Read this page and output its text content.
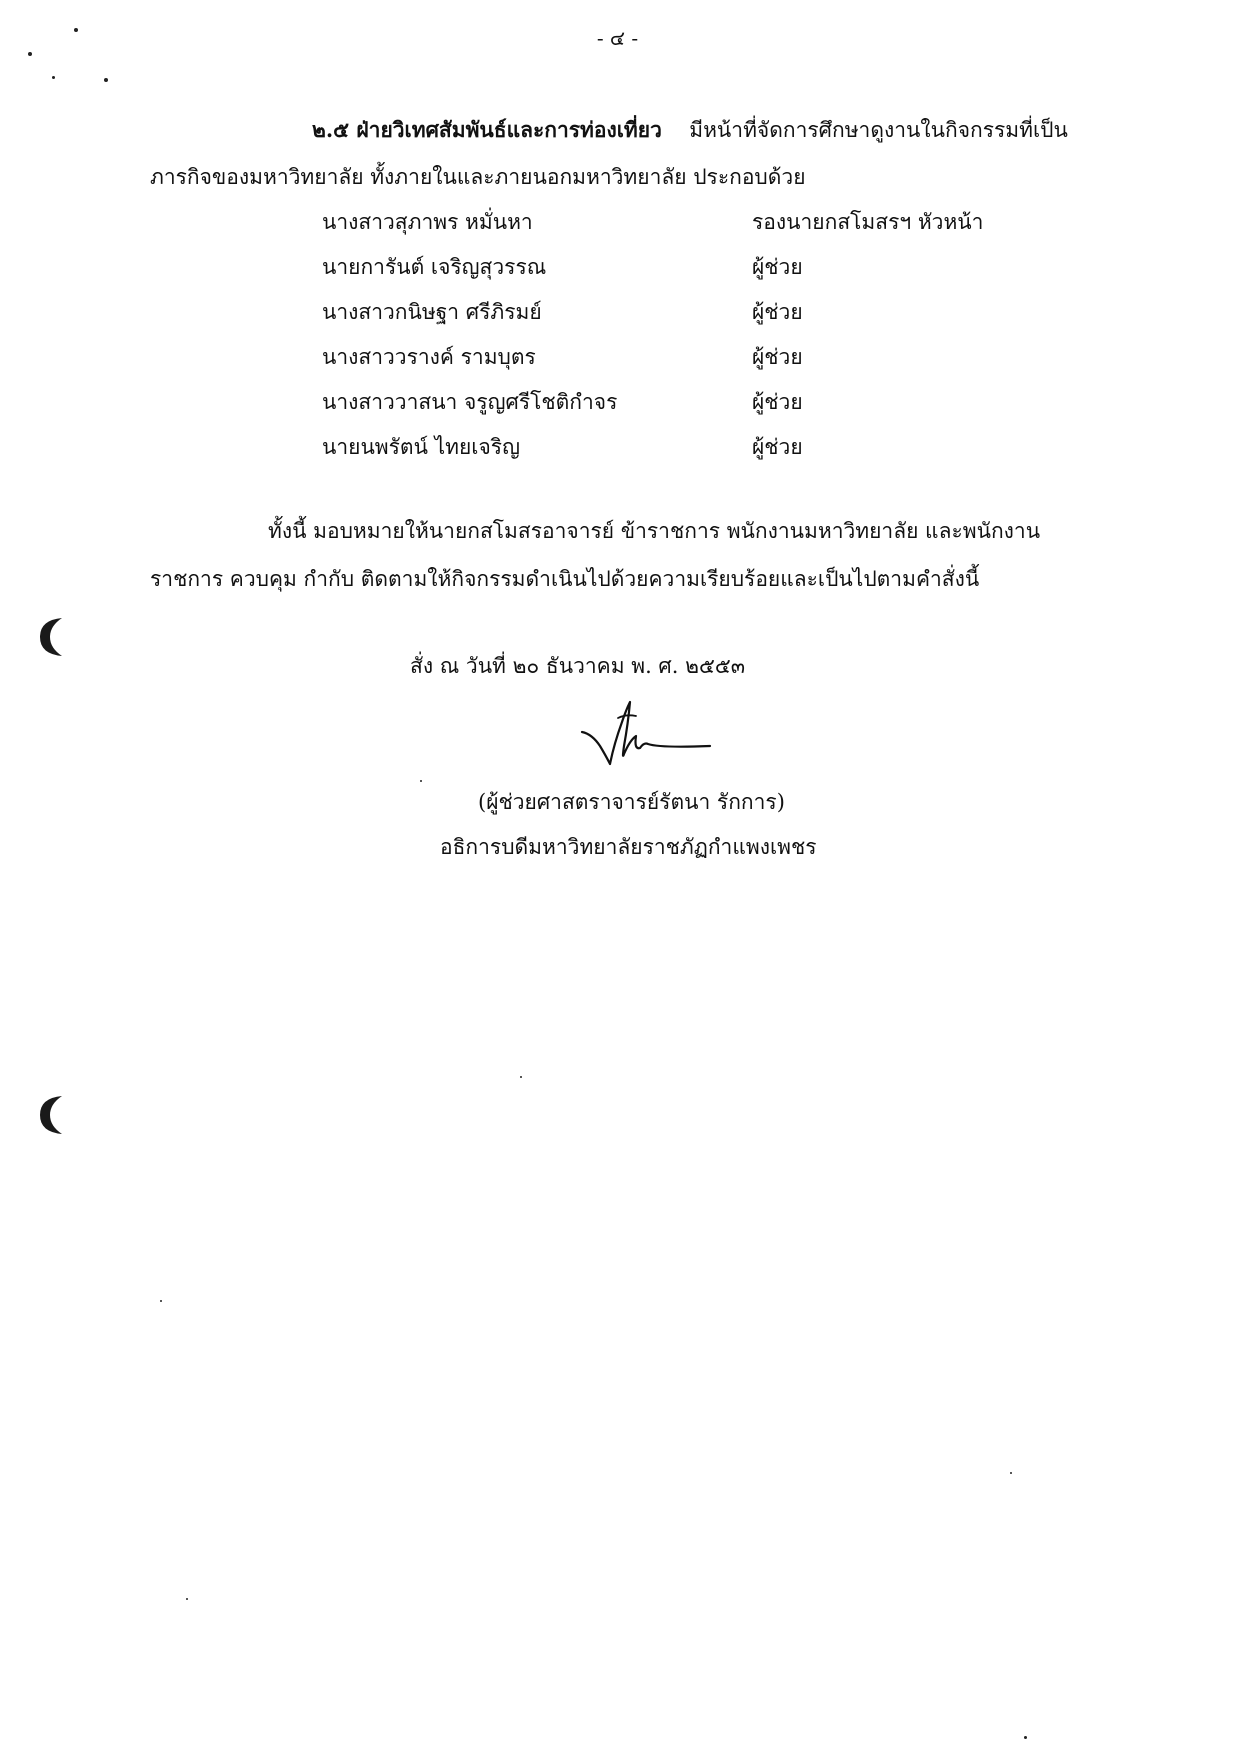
- ๔ -
๒.๕ ฝ่ายวิเทศสัมพันธ์และการท่องเที่ยว มีหน้าที่จัดการศึกษาดูงานในกิจกรรมที่เป็น
ภารกิจของมหาวิทยาลัย ทั้งภายในและภายนอกมหาวิทยาลัย ประกอบด้วย
นางสาวสุภาพร หมั่นหา	รองนายกสโมสรฯ หัวหน้า
นายการันต์ เจริญสุวรรณ	ผู้ช่วย
นางสาวกนิษฐา ศรีภิรมย์	ผู้ช่วย
นางสาววรางค์ รามบุตร	ผู้ช่วย
นางสาววาสนา จรูญศรีโชติกำจร	ผู้ช่วย
นายนพรัตน์ ไทยเจริญ	ผู้ช่วย
ทั้งนี้ มอบหมายให้นายกสโมสรอาจารย์ ข้าราชการ พนักงานมหาวิทยาลัย และพนักงาน
ราชการ ควบคุม กำกับ ติดตามให้กิจกรรมดำเนินไปด้วยความเรียบร้อยและเป็นไปตามคำสั่งนี้
สั่ง ณ วันที่ ๒๐ ธันวาคม พ. ศ. ๒๕๕๓
(ผู้ช่วยศาสตราจารย์รัตนา รักการ)
อธิการบดีมหาวิทยาลัยราชภัฏกำแพงเพชร
